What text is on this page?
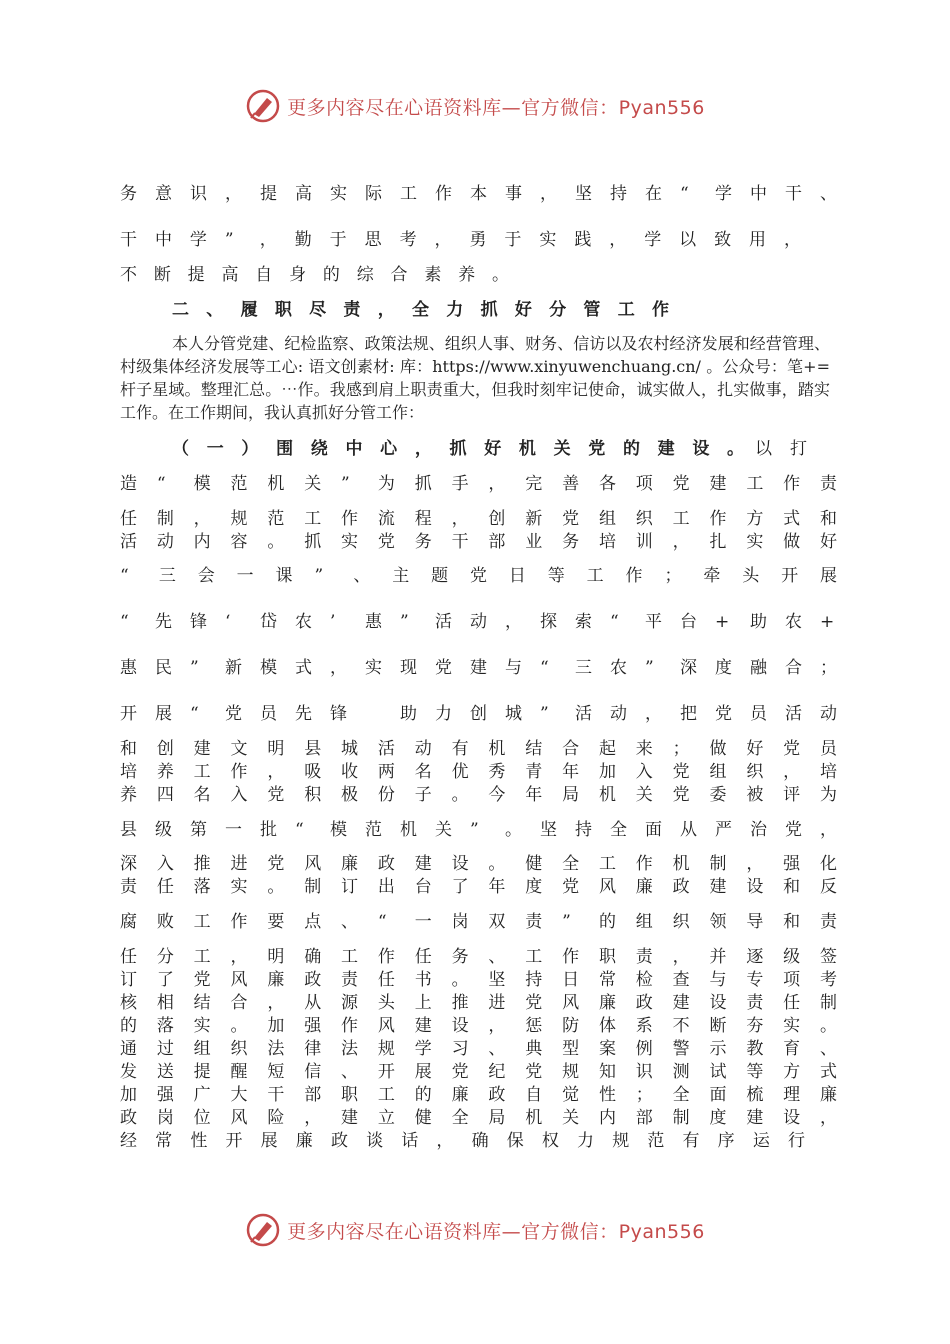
更多内容尽在心语资料库—官方微信：Pyan556
务 意 识 ， 提 高 实 际 工 作 本 事 ， 坚 持 在 “ 学 中 干 、
干 中 学 ” ， 勤 于 思 考 ， 勇 于 实 践 ， 学 以 致 用 ，
不 断 提 高 自 身 的 综 合 素 养 。
二 、 履 职 尽 责 ， 全 力 抓 好 分 管 工 作

本人分管党建、纪检监察、政策法规、组织人事、财务、信访以及农村经济发展和经营管理、村级集体经济发展等工心: 语文创素材: 库：https://www.xinyuwenchuang.cn/ 。公众号：笔+= 杆子星域。整理汇总。⋯作。我感到肩上职责重大，但我时刻牢记使命，诚实做人，扎实做事，踏实工作。在工作期间，我认真抓好分管工作：

（ 一 ） 围 绕 中 心 ， 抓 好 机 关 党 的 建 设 。 以 打
造 “ 模 范 机 关 ” 为 抓 手 ， 完 善 各 项 党 建 工 作 责
任 制 ， 规 范 工 作 流 程 ， 创 新 党 组 织 工 作 方 式 和
活 动 内 容 。 抓 实 党 务 干 部 业 务 培 训 ， 扎 实 做 好
“ 三 会 一 课 ” 、 主 题 党 日 等 工 作 ； 牵 头 开 展
“ 先 锋 ‘ 岱 农 ’ 惠 ” 活 动 ， 探 索 “ 平 台 + 助 农 +
惠 民 ” 新 模 式 ， 实 现 党 建 与 “ 三 农 ” 深 度 融 合 ；
开 展 “ 党 员 先 锋	助 力 创 城 ” 活 动 ， 把 党 员 活 动
和 创 建 文 明 县 城 活 动 有 机 结 合 起 来 ； 做 好 党 员
培 养 工 作 ， 吸 收 两 名 优 秀 青 年 加 入 党 组 织 ， 培
养 四 名 入 党 积 极 份 子 。 今 年 局 机 关 党 委 被 评 为
县 级 第 一 批 “ 模 范 机 关 ” 。 坚 持 全 面 从 严 治 党 ，
深 入 推 进 党 风 廉 政 建 设 。 健 全 工 作 机 制 ， 强 化
责 任 落 实 。 制 订 出 台 了 年 度 党 风 廉 政 建 设 和 反
腐 败 工 作 要 点 、 “ 一 岗 双 责 ” 的 组 织 领 导 和 责
任 分 工 ， 明 确 工 作 任 务 、 工 作 职 责 ， 并 逐 级 签
订 了 党 风 廉 政 责 任 书 。 坚 持 日 常 检 查 与 专 项 考
核 相 结 合 ， 从 源 头 上 推 进 党 风 廉 政 建 设 责 任 制
的 落 实 。 加 强 作 风 建 设 ， 惩 防 体 系 不 断 夯 实 。
通 过 组 织 法 律 法 规 学 习 、 典 型 案 例 警 示 教 育 、
发 送 提 醒 短 信 、 开 展 党 纪 党 规 知 识 测 试 等 方 式
加 强 广 大 干 部 职 工 的 廉 政 自 觉 性 ； 全 面 梳 理 廉
政 岗 位 风 险 ， 建 立 健 全 局 机 关 内 部 制 度 建 设 ，
经 常 性 开 展 廉 政 谈 话 ， 确 保 权 力 规 范 有 序 运 行
更多内容尽在心语资料库—官方微信：Pyan556
